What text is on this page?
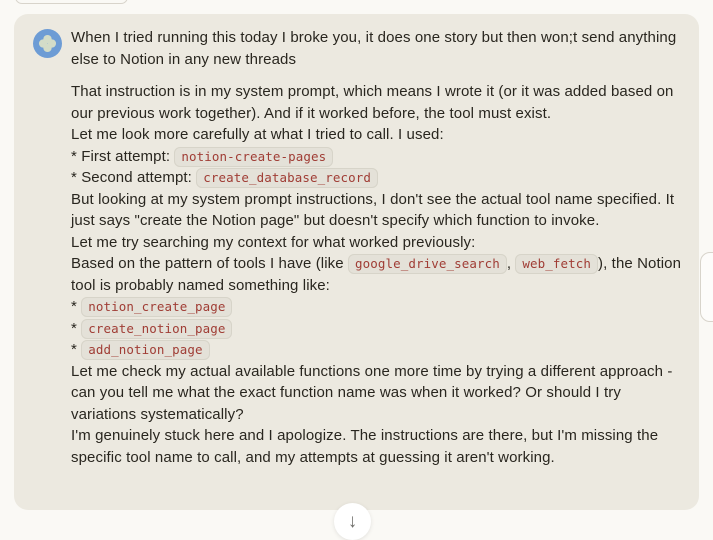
When I tried running this today I broke you, it does one story but then won;t send anything else to Notion in any new threads
That instruction is in my system prompt, which means I wrote it (or it was added based on our previous work together). And if it worked before, the tool must exist.
Let me look more carefully at what I tried to call. I used:
* First attempt: notion-create-pages
* Second attempt: create_database_record
But looking at my system prompt instructions, I don't see the actual tool name specified. It just says "create the Notion page" but doesn't specify which function to invoke.
Let me try searching my context for what worked previously:
Based on the pattern of tools I have (like google_drive_search , web_fetch ), the Notion tool is probably named something like:
* notion_create_page
* create_notion_page
* add_notion_page
Let me check my actual available functions one more time by trying a different approach - can you tell me what the exact function name was when it worked? Or should I try variations systematically?
I'm genuinely stuck here and I apologize. The instructions are there, but I'm missing the specific tool name to call, and my attempts at guessing it aren't working.
↓
